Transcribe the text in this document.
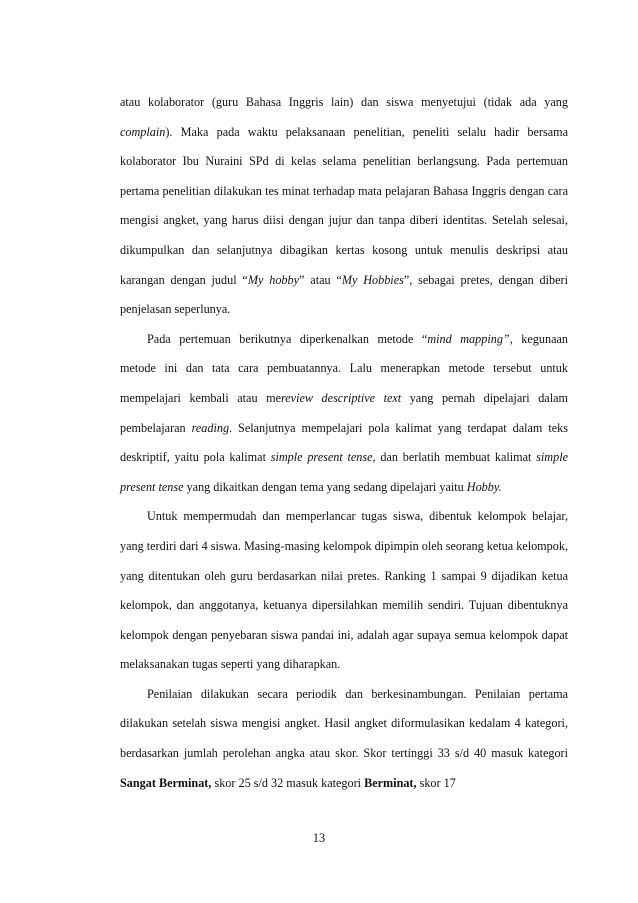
atau kolaborator (guru Bahasa Inggris lain) dan siswa menyetujui (tidak ada yang complain). Maka pada waktu pelaksanaan penelitian, peneliti selalu hadir bersama kolaborator Ibu Nuraini SPd di kelas selama penelitian berlangsung. Pada pertemuan pertama penelitian dilakukan tes minat terhadap mata pelajaran Bahasa Inggris dengan cara mengisi angket, yang harus diisi dengan jujur dan tanpa diberi identitas. Setelah selesai, dikumpulkan dan selanjutnya dibagikan kertas kosong untuk menulis deskripsi atau karangan dengan judul “My hobby” atau “My Hobbies”, sebagai pretes, dengan diberi penjelasan seperlunya.

Pada pertemuan berikutnya diperkenalkan metode “mind mapping”, kegunaan metode ini dan tata cara pembuatannya. Lalu menerapkan metode tersebut untuk mempelajari kembali atau mereview descriptive text yang pernah dipelajari dalam pembelajaran reading. Selanjutnya mempelajari pola kalimat yang terdapat dalam teks deskriptif, yaitu pola kalimat simple present tense, dan berlatih membuat kalimat simple present tense yang dikaitkan dengan tema yang sedang dipelajari yaitu Hobby.

Untuk mempermudah dan memperlancar tugas siswa, dibentuk kelompok belajar, yang terdiri dari 4 siswa. Masing-masing kelompok dipimpin oleh seorang ketua kelompok, yang ditentukan oleh guru berdasarkan nilai pretes. Ranking 1 sampai 9 dijadikan ketua kelompok, dan anggotanya, ketuanya dipersilahkan memilih sendiri. Tujuan dibentuknya kelompok dengan penyebaran siswa pandai ini, adalah agar supaya semua kelompok dapat melaksanakan tugas seperti yang diharapkan.

Penilaian dilakukan secara periodik dan berkesinambungan. Penilaian pertama dilakukan setelah siswa mengisi angket. Hasil angket diformulasikan kedalam 4 kategori, berdasarkan jumlah perolehan angka atau skor. Skor tertinggi 33 s/d 40 masuk kategori Sangat Berminat, skor 25 s/d 32 masuk kategori Berminat, skor 17

13
